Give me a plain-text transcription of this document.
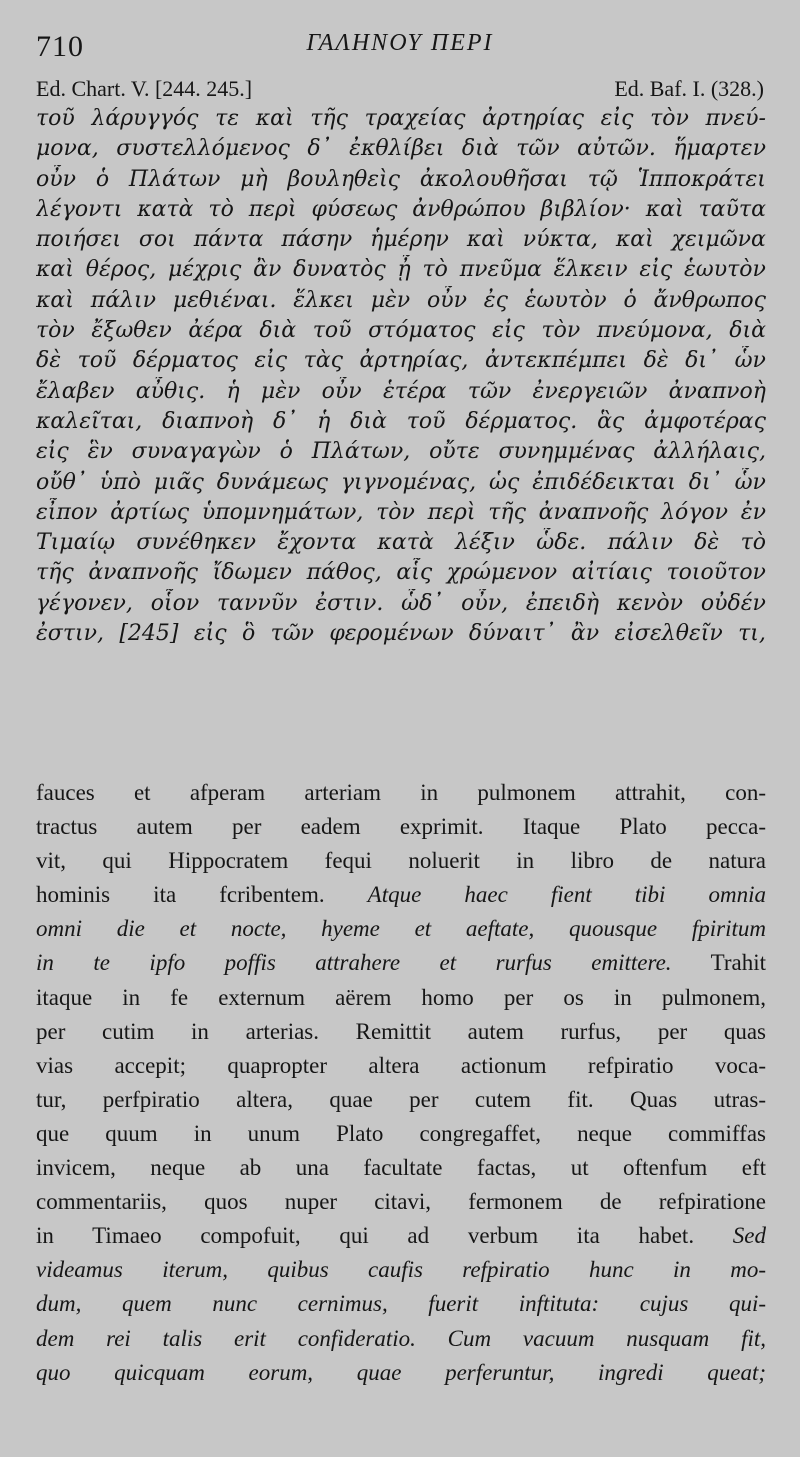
710	ΓΑΛΗΝΟΥ ΠΕΡΙ
Ed. Chart. V. [244. 245.]	Ed. Baf. I. (328.)
τοῦ λάρυγγός τε καὶ τῆς τραχείας ἀρτηρίας εἰς τὸν πνεύ-
μονα, συστελλόμενος δ᾽ ἐκθλίβει διὰ τῶν αὐτῶν. ἥμαρτεν
οὖν ὁ Πλάτων μὴ βουληθεὶς ἀκολουθῆσαι τῷ Ἱπποκράτει
λέγοντι κατὰ τὸ περὶ φύσεως ἀνθρώπου βιβλίον· καὶ ταῦτα
ποιήσει σοι πάντα πάσην ἡμέρην καὶ νύκτα, καὶ χειμῶνα
καὶ θέρος, μέχρις ἂν δυνατὸς ᾖ τὸ πνεῦμα ἕλκειν εἰς ἑωυτὸν
καὶ πάλιν μεθιέναι. ἕλκει μὲν οὖν ἐς ἑωυτὸν ὁ ἄνθρωπος
τὸν ἔξωθεν ἀέρα διὰ τοῦ στόματος εἰς τὸν πνεύμονα, διὰ
δὲ τοῦ δέρματος εἰς τὰς ἀρτηρίας, ἀντεκπέμπει δὲ δι᾽ ὧν
ἔλαβεν αὖθις. ἡ μὲν οὖν ἑτέρα τῶν ἐνεργειῶν ἀναπνοὴ
καλεῖται, διαπνοὴ δ᾽ ἡ διὰ τοῦ δέρματος. ἃς ἀμφοτέρας
εἰς ἓν συναγαγὼν ὁ Πλάτων, οὔτε συνημμένας ἀλλήλαις,
οὔθ᾽ ὑπὸ μιᾶς δυνάμεως γιγνομένας, ὡς ἐπιδέδεικται δι᾽ ὧν
εἶπον ἀρτίως ὑπομνημάτων, τὸν περὶ τῆς ἀναπνοῆς λόγον ἐν
Τιμαίῳ συνέθηκεν ἔχοντα κατὰ λέξιν ὧδε. πάλιν δὲ τὸ
τῆς ἀναπνοῆς ἴδωμεν πάθος, αἷς χρώμενον αἰτίαις τοιοῦτον
γέγονεν, οἷον ταννῦν ἐστιν. ὧδ᾽ οὖν, ἐπειδὴ κενὸν οὐδέν
ἐστιν, [245] εἰς ὃ τῶν φερομένων δύναιτ᾽ ἂν εἰσελθεῖν τι,
fauces et afperam arteriam in pulmonem attrahit, con-
tractus autem per eadem exprimit. Itaque Plato pecca-
vit, qui Hippocratem fequi noluerit in libro de natura
hominis ita fcribentem. Atque haec fient tibi omnia
omni die et nocte, hyeme et aeftate, quousque fpiritum
in te ipfo poffis attrahere et rurfus emittere. Trahit
itaque in fe externum aërem homo per os in pulmonem,
per cutim in arterias. Remittit autem rurfus, per quas
vias accepit; quapropter altera actionum refpiratio voca-
tur, perfpiratio altera, quae per cutem fit. Quas utras-
que quum in unum Plato congregaffet, neque commiffas
invicem, neque ab una facultate factas, ut oftenfum eft
commentariis, quos nuper citavi, fermonem de refpiratione
in Timaeo compofuit, qui ad verbum ita habet. Sed
videamus iterum, quibus caufis refpiratio hunc in mo-
dum, quem nunc cernimus, fuerit inftituta: cujus qui-
dem rei talis erit confideratio. Cum vacuum nusquam fit,
quo quicquam eorum, quae perferuntur, ingredi queat;
